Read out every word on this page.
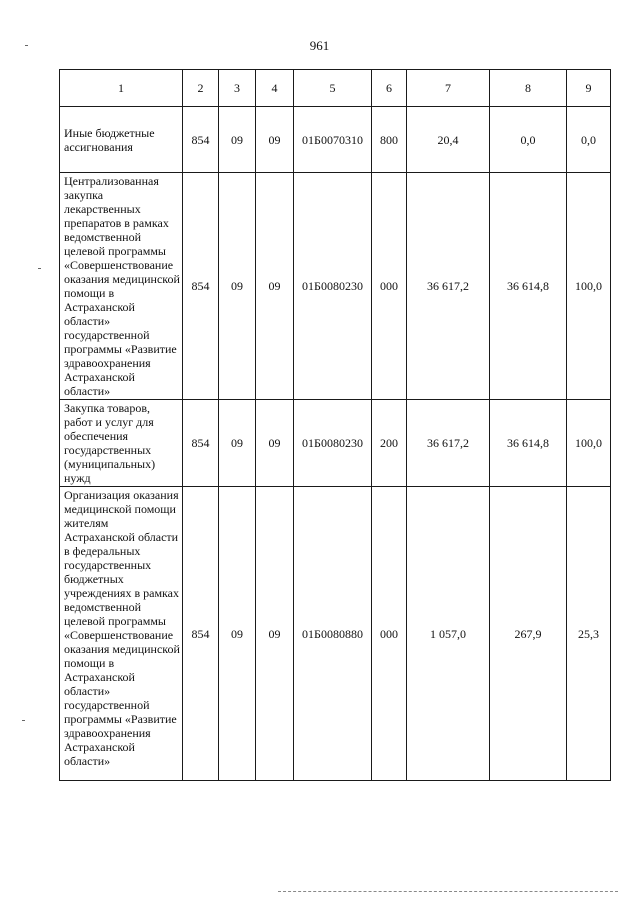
961
1	2	3	4	5	6	7	8	9
Иные бюджетные ассигнования	854	09	09	01Б0070310	800	20,4	0,0	0,0
Централизованная закупка лекарственных препаратов в рамках ведомственной целевой программы «Совершенствование оказания медицинской помощи в Астраханской области» государственной программы «Развитие здравоохранения Астраханской области»	854	09	09	01Б0080230	000	36 617,2	36 614,8	100,0
Закупка товаров, работ и услуг для обеспечения государственных (муниципальных) нужд	854	09	09	01Б0080230	200	36 617,2	36 614,8	100,0
Организация оказания медицинской помощи жителям Астраханской области в федеральных государственных бюджетных учреждениях в рамках ведомственной целевой программы «Совершенствование оказания медицинской помощи в Астраханской области» государственной программы «Развитие здравоохранения Астраханской области»	854	09	09	01Б0080880	000	1 057,0	267,9	25,3
